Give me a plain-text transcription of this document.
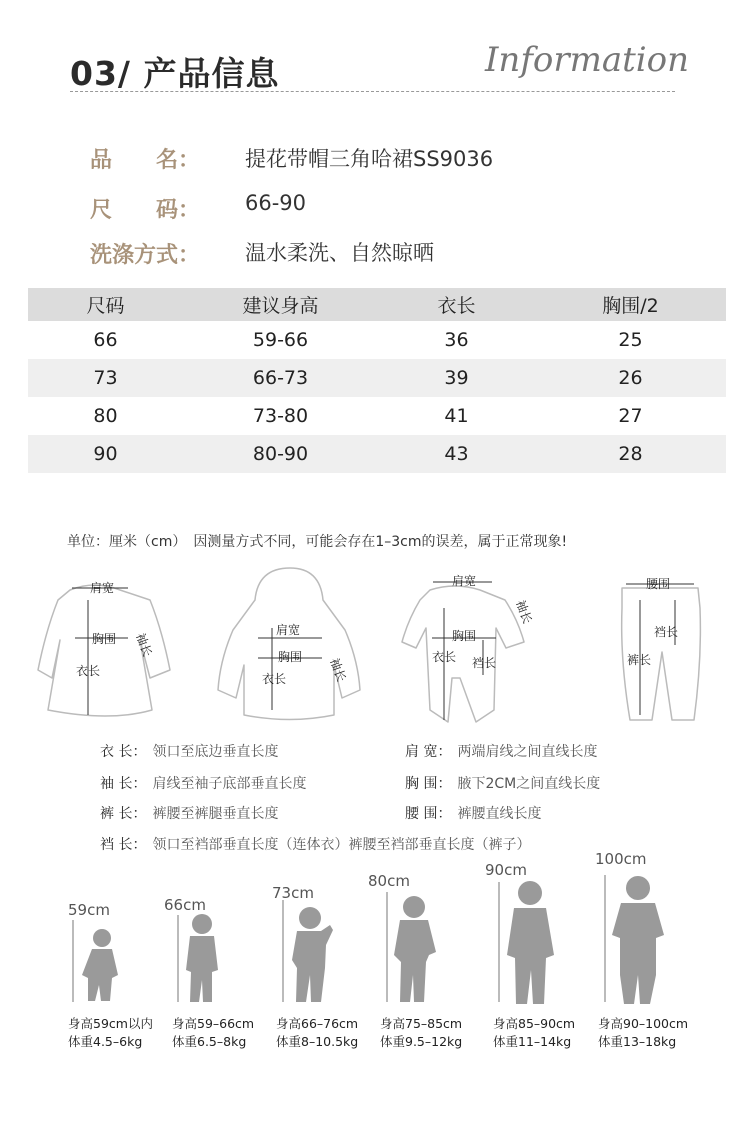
03/ 产品信息	Information
品　　名： 提花带帽三角哈裙SS9036
尺　　码： 66-90
洗涤方式： 温水柔洗、自然晾晒
尺码	建议身高	衣长	胸围/2
66	59-66	36	25
73	66-73	39	26
80	73-80	41	27
90	80-90	43	28
单位：厘米（cm）　因测量方式不同，可能会存在1–3cm的误差，属于正常现象!
肩宽
胸围
衣长
袖长
肩宽
胸围
衣长	袖长
肩宽
胸围
衣长 裆长
袖长
腰围
裆长
裤长
衣 长： 领口至底边垂直长度	肩 宽： 两端肩线之间直线长度
袖 长： 肩线至袖子底部垂直长度	胸 围： 腋下2CM之间直线长度
裤 长： 裤腰至裤腿垂直长度	腰 围： 裤腰直线长度
裆 长： 领口至裆部垂直长度（连体衣）裤腰至裆部垂直长度（裤子）
59cm	66cm
73cm
80cm
90cm
100cm
身高59cm以内
体重4.5–6kg
身高59–66cm
体重6.5–8kg
身高66–76cm
体重8–10.5kg
身高75–85cm
体重9.5–12kg
身高85–90cm
体重11–14kg
身高90–100cm
体重13–18kg
